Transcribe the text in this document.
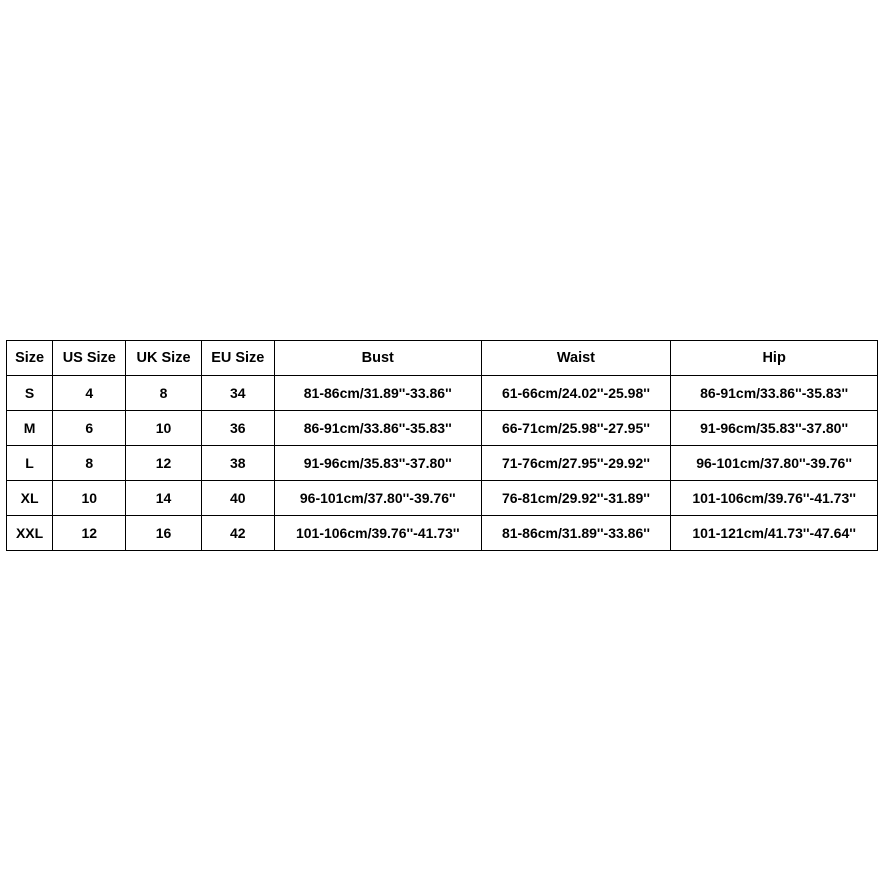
Size	US Size	UK Size	EU Size	Bust	Waist	Hip
S	4	8	34	81-86cm/31.89''-33.86''	61-66cm/24.02''-25.98''	86-91cm/33.86''-35.83''
M	6	10	36	86-91cm/33.86''-35.83''	66-71cm/25.98''-27.95''	91-96cm/35.83''-37.80''
L	8	12	38	91-96cm/35.83''-37.80''	71-76cm/27.95''-29.92''	96-101cm/37.80''-39.76''
XL	10	14	40	96-101cm/37.80''-39.76''	76-81cm/29.92''-31.89''	101-106cm/39.76''-41.73''
XXL	12	16	42	101-106cm/39.76''-41.73''	81-86cm/31.89''-33.86''	101-121cm/41.73''-47.64''
